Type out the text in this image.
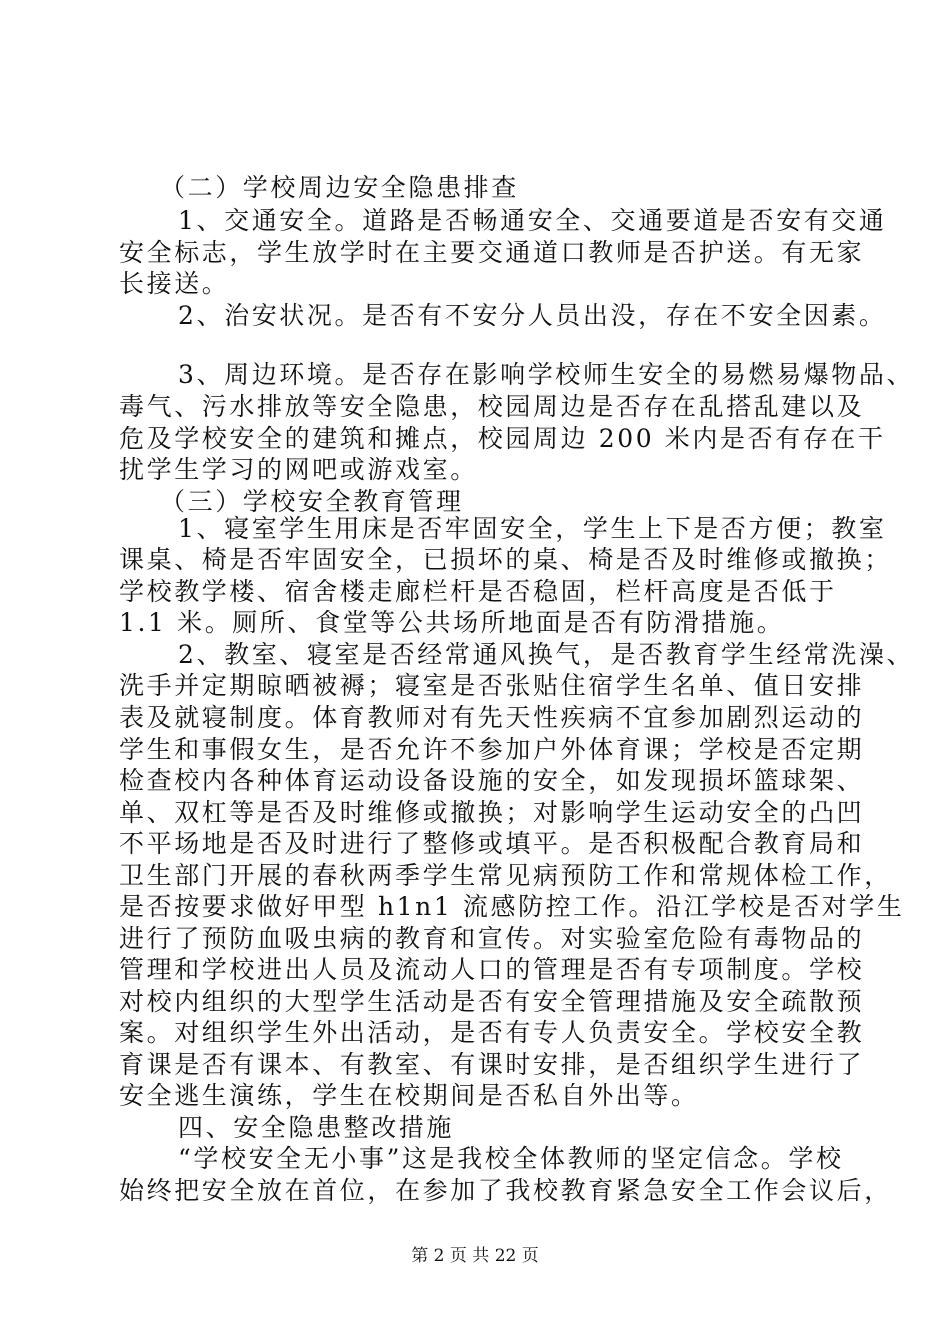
（二）学校周边安全隐患排查
1、交通安全。道路是否畅通安全、交通要道是否安有交通
安全标志，学生放学时在主要交通道口教师是否护送。有无家
长接送。
2、治安状况。是否有不安分人员出没，存在不安全因素。
3、周边环境。是否存在影响学校师生安全的易燃易爆物品、
毒气、污水排放等安全隐患，校园周边是否存在乱搭乱建以及
危及学校安全的建筑和摊点，校园周边 200 米内是否有存在干
扰学生学习的网吧或游戏室。
（三）学校安全教育管理
1、寝室学生用床是否牢固安全，学生上下是否方便；教室
课桌、椅是否牢固安全，已损坏的桌、椅是否及时维修或撤换；
学校教学楼、宿舍楼走廊栏杆是否稳固，栏杆高度是否低于
1.1 米。厕所、食堂等公共场所地面是否有防滑措施。
2、教室、寝室是否经常通风换气，是否教育学生经常洗澡、
洗手并定期晾晒被褥；寝室是否张贴住宿学生名单、值日安排
表及就寝制度。体育教师对有先天性疾病不宜参加剧烈运动的
学生和事假女生，是否允许不参加户外体育课；学校是否定期
检查校内各种体育运动设备设施的安全，如发现损坏篮球架、
单、双杠等是否及时维修或撤换；对影响学生运动安全的凸凹
不平场地是否及时进行了整修或填平。是否积极配合教育局和
卫生部门开展的春秋两季学生常见病预防工作和常规体检工作，
是否按要求做好甲型 h1n1 流感防控工作。沿江学校是否对学生
进行了预防血吸虫病的教育和宣传。对实验室危险有毒物品的
管理和学校进出人员及流动人口的管理是否有专项制度。学校
对校内组织的大型学生活动是否有安全管理措施及安全疏散预
案。对组织学生外出活动，是否有专人负责安全。学校安全教
育课是否有课本、有教室、有课时安排，是否组织学生进行了
安全逃生演练，学生在校期间是否私自外出等。
四、安全隐患整改措施
“学校安全无小事”这是我校全体教师的坚定信念。学校
始终把安全放在首位，在参加了我校教育紧急安全工作会议后，
第 2 页 共 22 页
